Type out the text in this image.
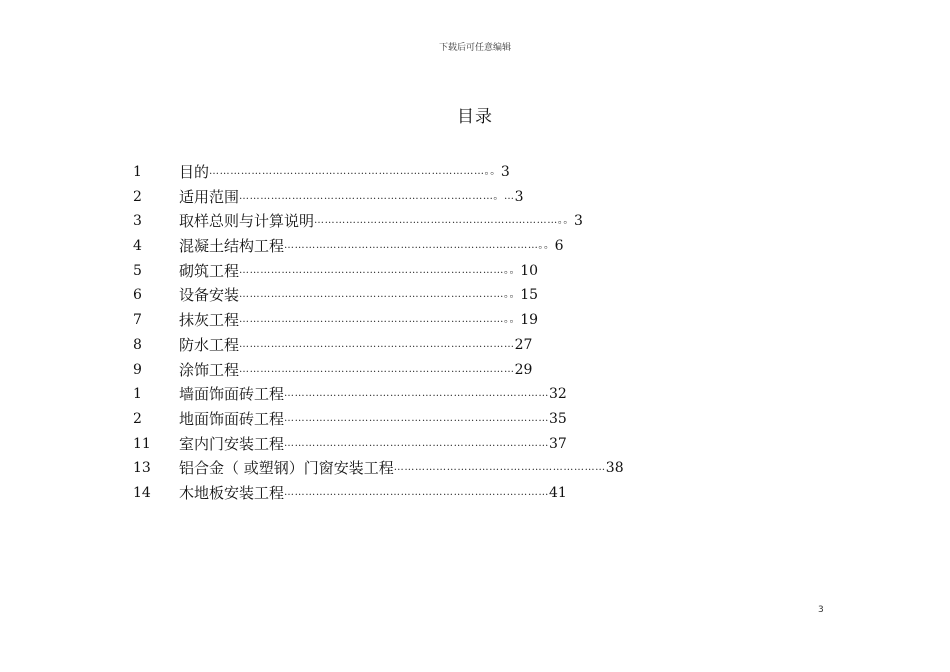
下载后可任意编辑
目录
1 目的……………………………………………………………………。。3
2 适用范围………………………………………………………………。…3
3 取样总则与计算说明……………………………………………………………。。3
4 混凝土结构工程………………………………………………………………。。6
5 砌筑工程…………………………………………………………………。。10
6 设备安装…………………………………………………………………。。15
7 抹灰工程…………………………………………………………………。。19
8 防水工程……………………………………………………………………27
9 涂饰工程……………………………………………………………………29
1 墙面饰面砖工程…………………………………………………………………32
2 地面饰面砖工程…………………………………………………………………35
11 室内门安装工程…………………………………………………………………37
13 铝合金（ 或塑钢）门窗安装工程……………………………………………………38
14 木地板安装工程…………………………………………………………………41
3
